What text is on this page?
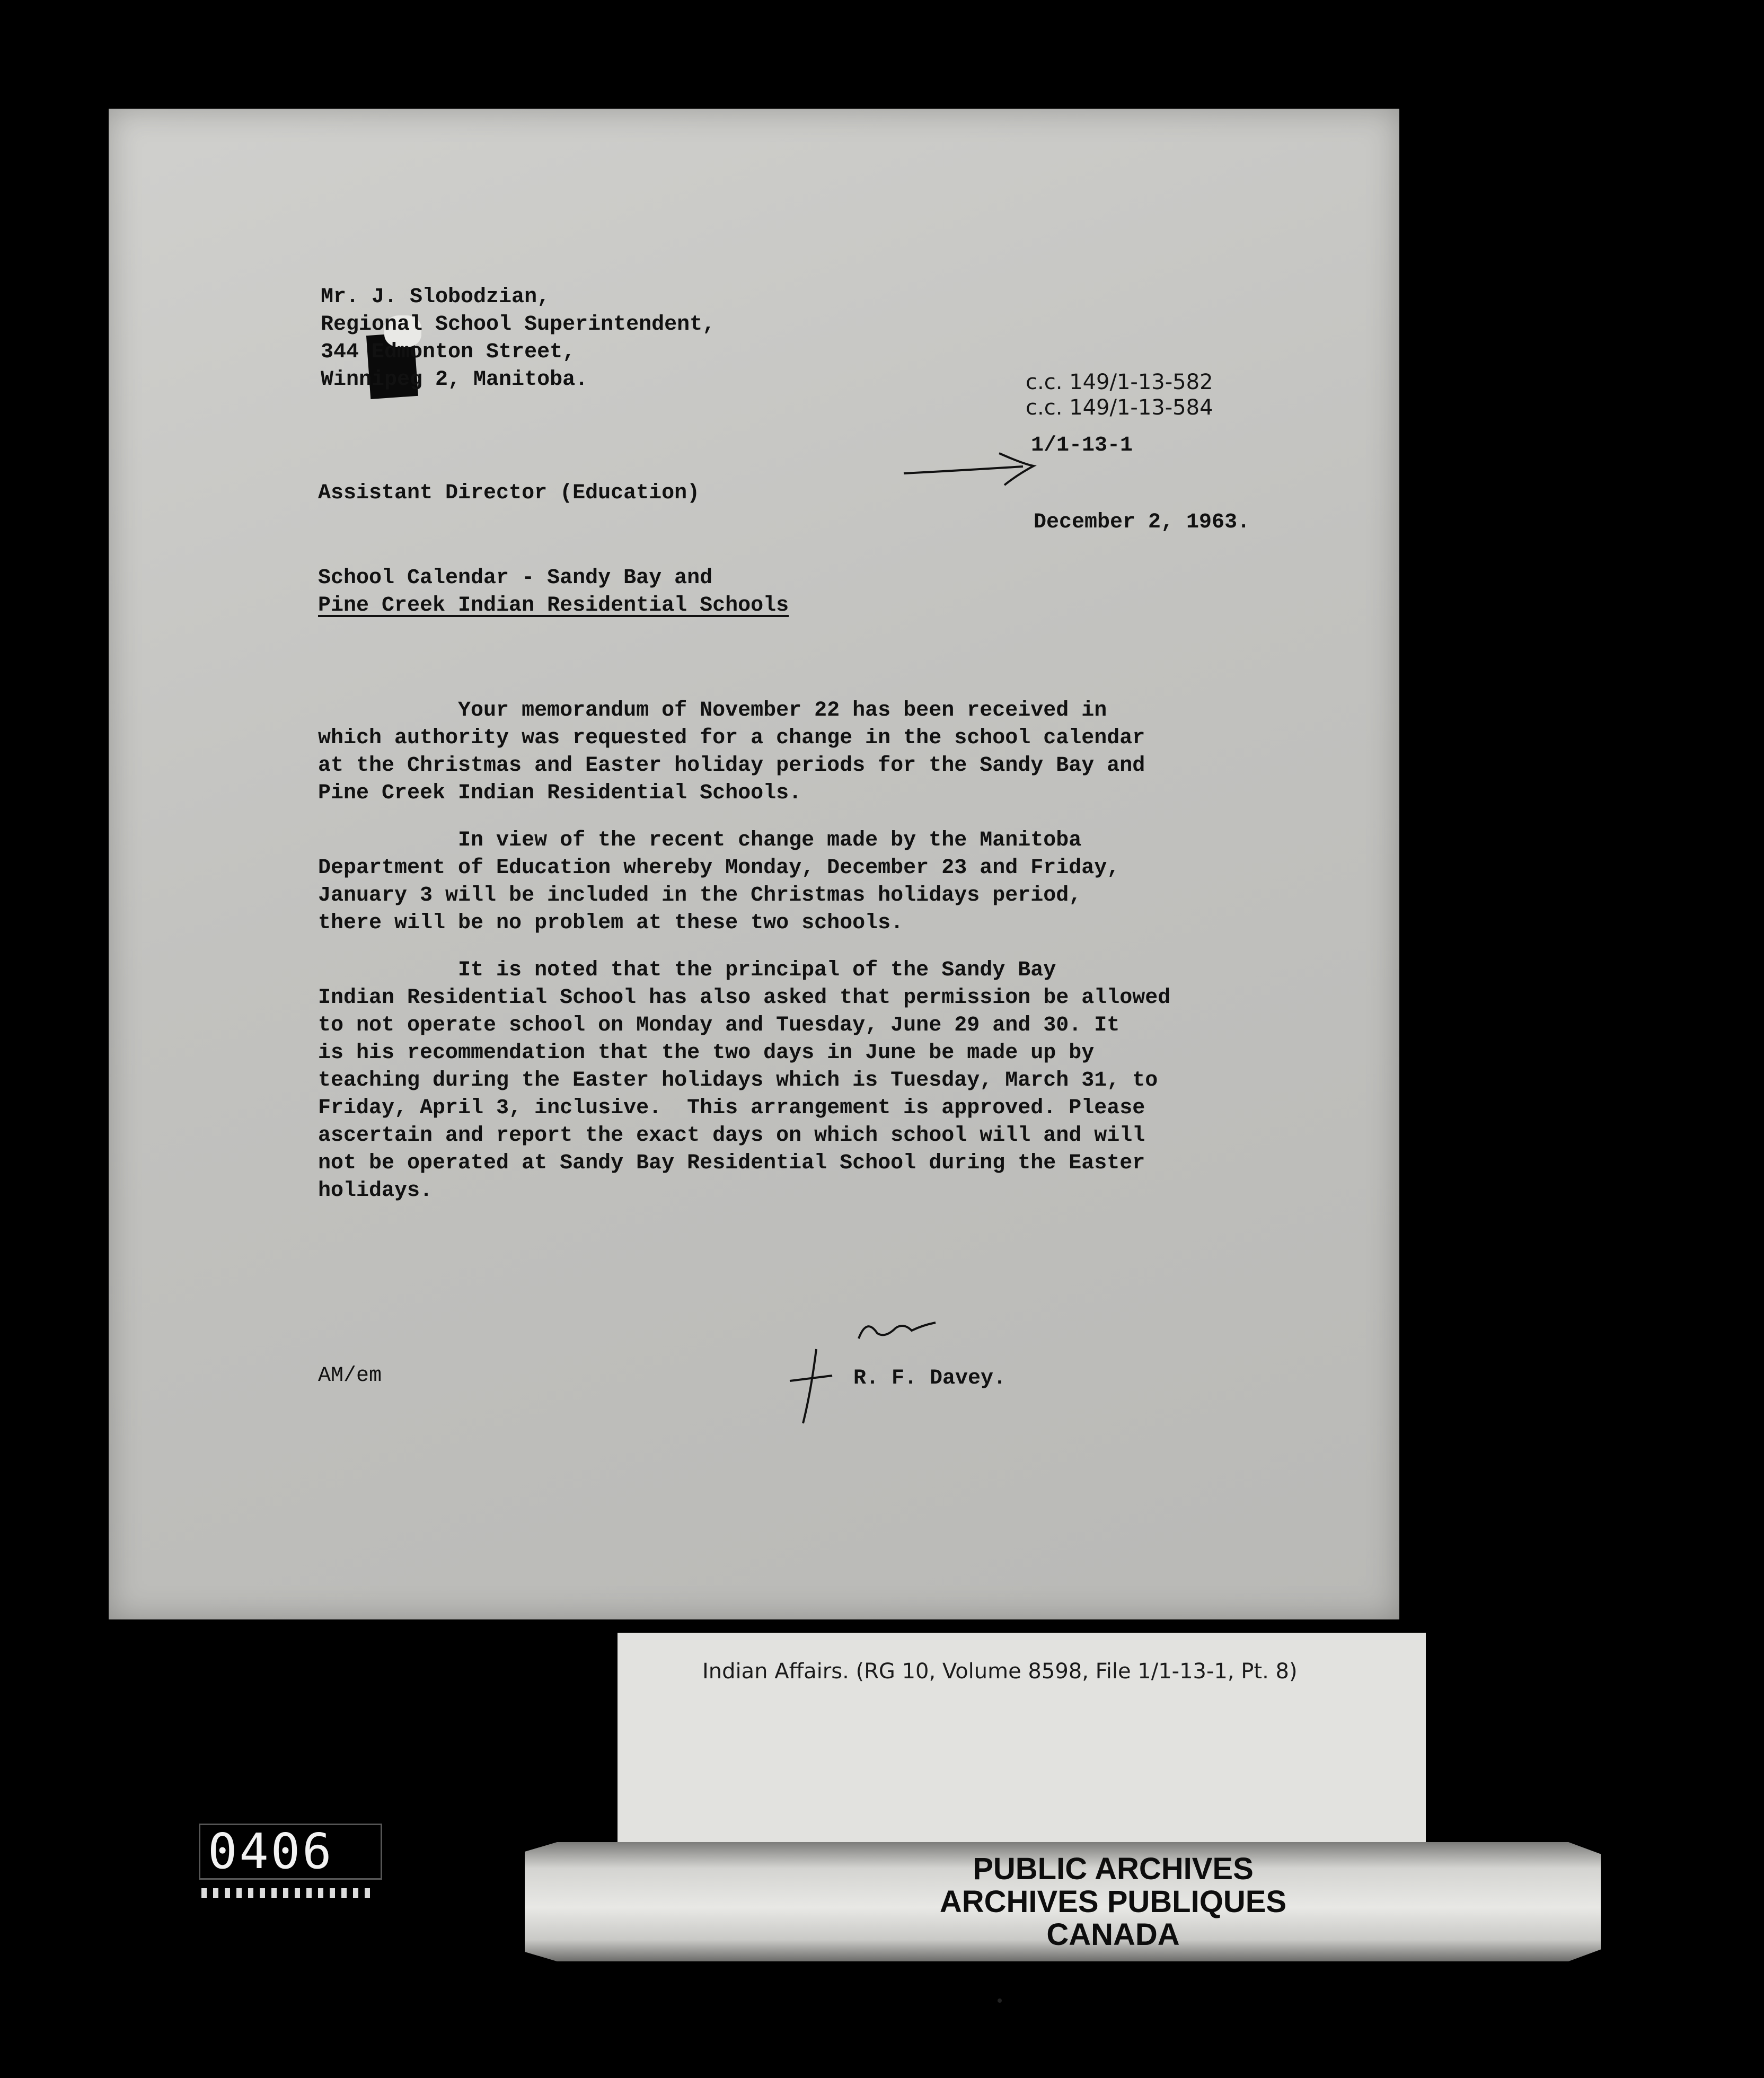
Mr. J. Slobodzian,
Regional School Superintendent,
344 Edmonton Street,
Winnipeg 2, Manitoba.	c.c. 149/1-13-582
c.c. 149/1-13-584
1/1-13-1
Assistant Director (Education)
December 2, 1963.
School Calendar - Sandy Bay and
Pine Creek Indian Residential Schools
Your memorandum of November 22 has been received in
which authority was requested for a change in the school calendar
at the Christmas and Easter holiday periods for the Sandy Bay and
Pine Creek Indian Residential Schools.
In view of the recent change made by the Manitoba
Department of Education whereby Monday, December 23 and Friday,
January 3 will be included in the Christmas holidays period,
there will be no problem at these two schools.
It is noted that the principal of the Sandy Bay
Indian Residential School has also asked that permission be allowed
to not operate school on Monday and Tuesday, June 29 and 30. It
is his recommendation that the two days in June be made up by
teaching during the Easter holidays which is Tuesday, March 31, to
Friday, April 3, inclusive.  This arrangement is approved. Please
ascertain and report the exact days on which school will and will
not be operated at Sandy Bay Residential School during the Easter
holidays.
AM/em	R. F. Davey.
Indian Affairs. (RG 10, Volume 8598, File 1/1-13-1, Pt. 8)
PUBLIC ARCHIVES
ARCHIVES PUBLIQUES
CANADA
0406
